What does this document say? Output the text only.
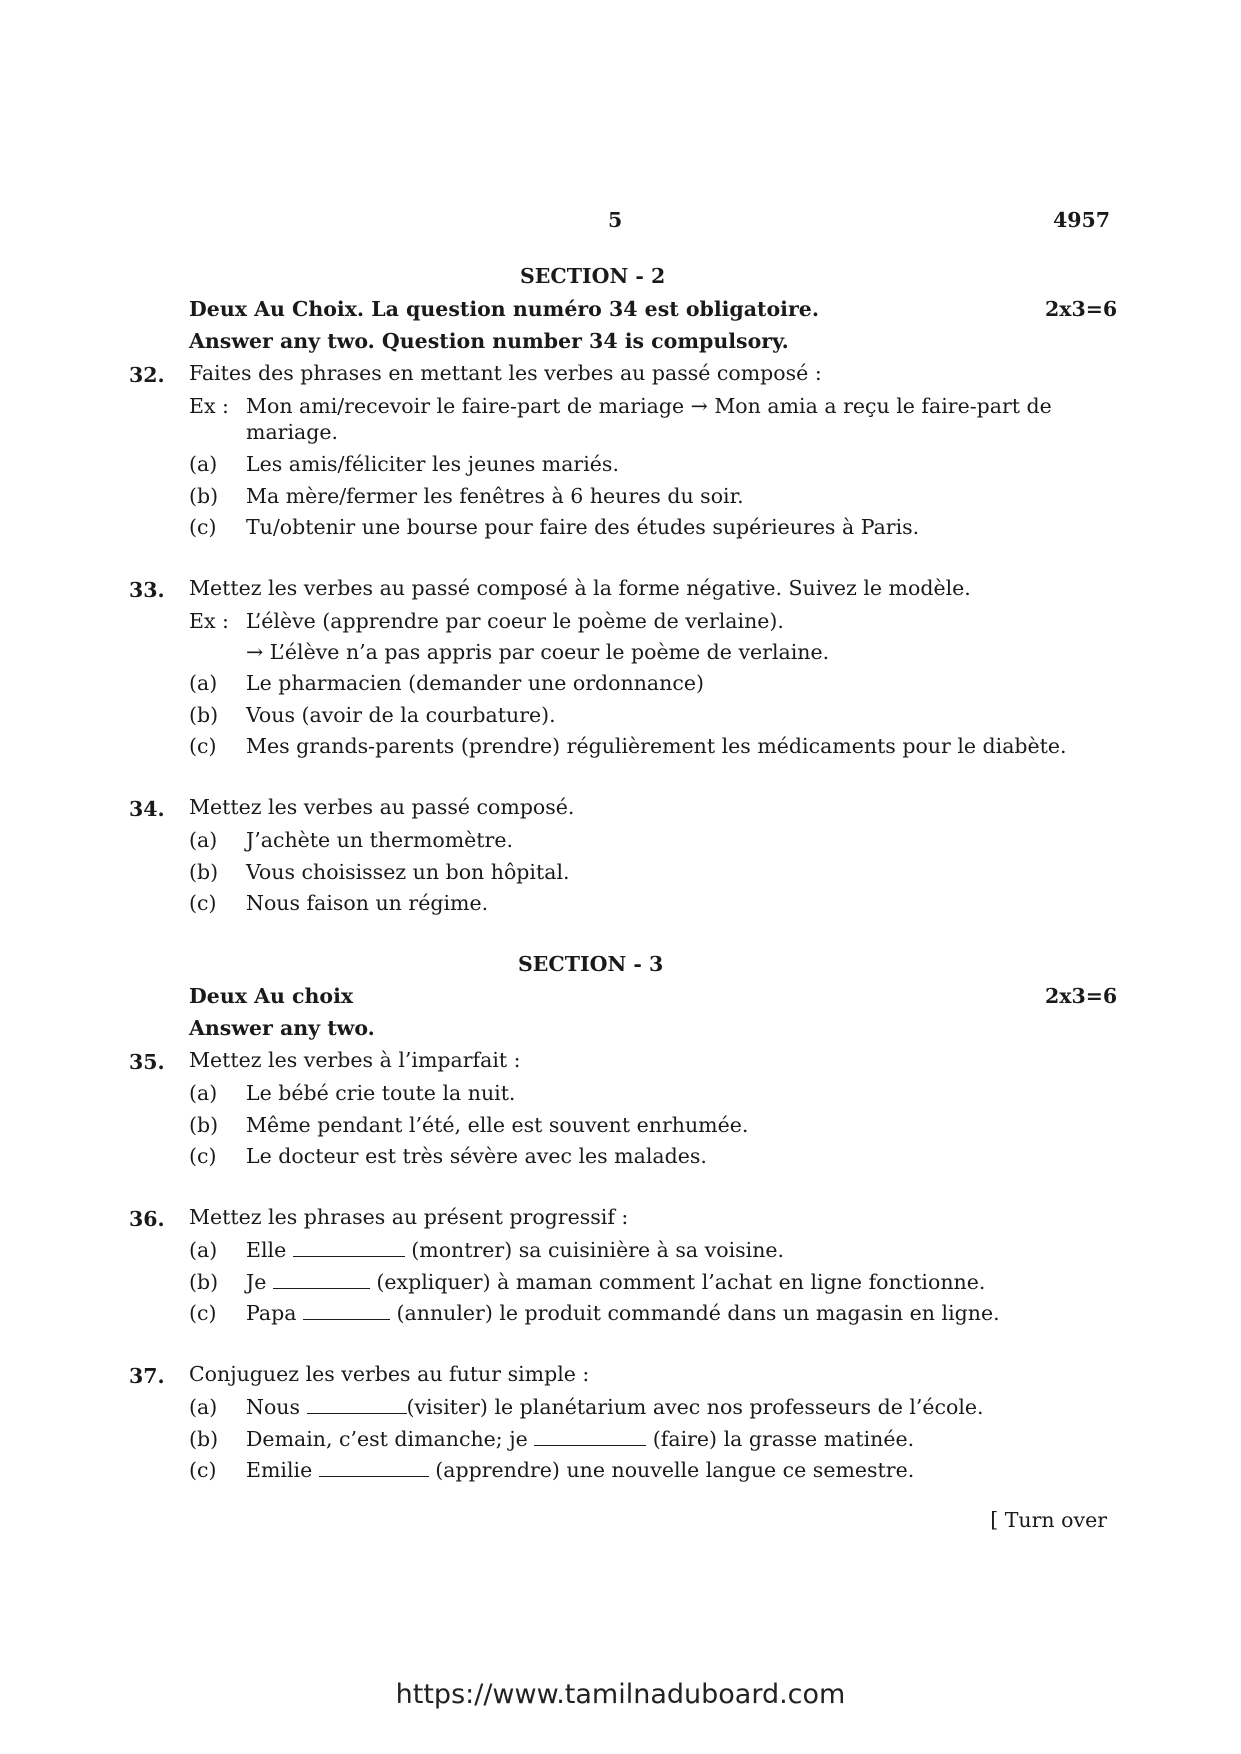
5	4957
SECTION - 2
Deux Au Choix. La question numéro 34 est obligatoire.	2x3=6
Answer any two. Question number 34 is compulsory.
32. Faites des phrases en mettant les verbes au passé composé :
Ex : Mon ami/recevoir le faire-part de mariage → Mon amia a reçu le faire-part de
mariage.
(a) Les amis/féliciter les jeunes mariés.
(b) Ma mère/fermer les fenêtres à 6 heures du soir.
(c) Tu/obtenir une bourse pour faire des études supérieures à Paris.
33. Mettez les verbes au passé composé à la forme négative. Suivez le modèle.
Ex : L’élève (apprendre par coeur le poème de verlaine).
→ L’élève n’a pas appris par coeur le poème de verlaine.
(a) Le pharmacien (demander une ordonnance)
(b) Vous (avoir de la courbature).
(c) Mes grands-parents (prendre) régulièrement les médicaments pour le diabète.
34. Mettez les verbes au passé composé.
(a) J’achète un thermomètre.
(b) Vous choisissez un bon hôpital.
(c) Nous faison un régime.
SECTION - 3
Deux Au choix	2x3=6
Answer any two.
35. Mettez les verbes à l’imparfait :
(a) Le bébé crie toute la nuit.
(b) Même pendant l’été, elle est souvent enrhumée.
(c) Le docteur est très sévère avec les malades.
36. Mettez les phrases au présent progressif :
(a) Elle	(montrer) sa cuisinière à sa voisine.
(b) Je	(expliquer) à maman comment l’achat en ligne fonctionne.
(c) Papa	(annuler) le produit commandé dans un magasin en ligne.
37. Conjuguez les verbes au futur simple :
(a) Nous	(visiter) le planétarium avec nos professeurs de l’école.
(b) Demain, c’est dimanche; je	(faire) la grasse matinée.
(c) Emilie	(apprendre) une nouvelle langue ce semestre.
[ Turn over
https://www.tamilnaduboard.com
